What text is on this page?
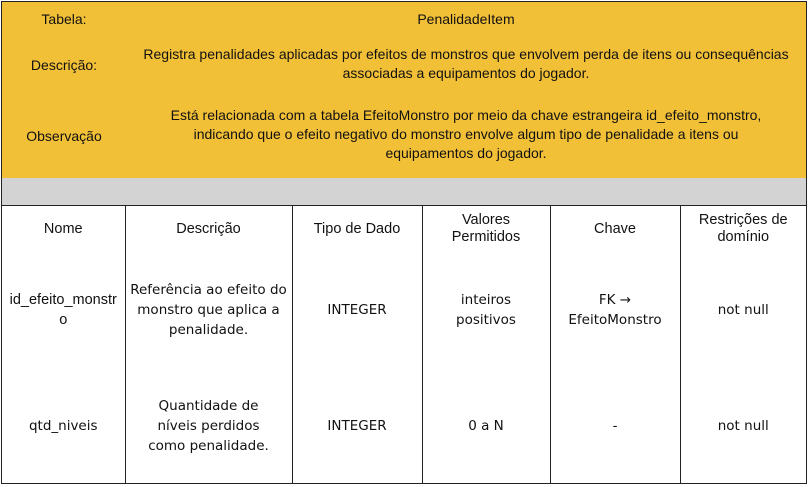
Tabela:	PenalidadeItem
Descrição:
Registra penalidades aplicadas por efeitos de monstros que envolvem perda de itens ou consequências associadas a equipamentos do jogador.
Observação
Está relacionada com a tabela EfeitoMonstro por meio da chave estrangeira id_efeito_monstro, indicando que o efeito negativo do monstro envolve algum tipo de penalidade a itens ou equipamentos do jogador.
Nome	Descrição	Tipo de Dado	Valores Permitidos	Chave	Restrições de domínio
id_efeito_monstro	Referência ao efeito do monstro que aplica a penalidade.	INTEGER	inteiros positivos	FK → EfeitoMonstro	not null
qtd_niveis	Quantidade de níveis perdidos como penalidade.	INTEGER	0 a N	-	not null
